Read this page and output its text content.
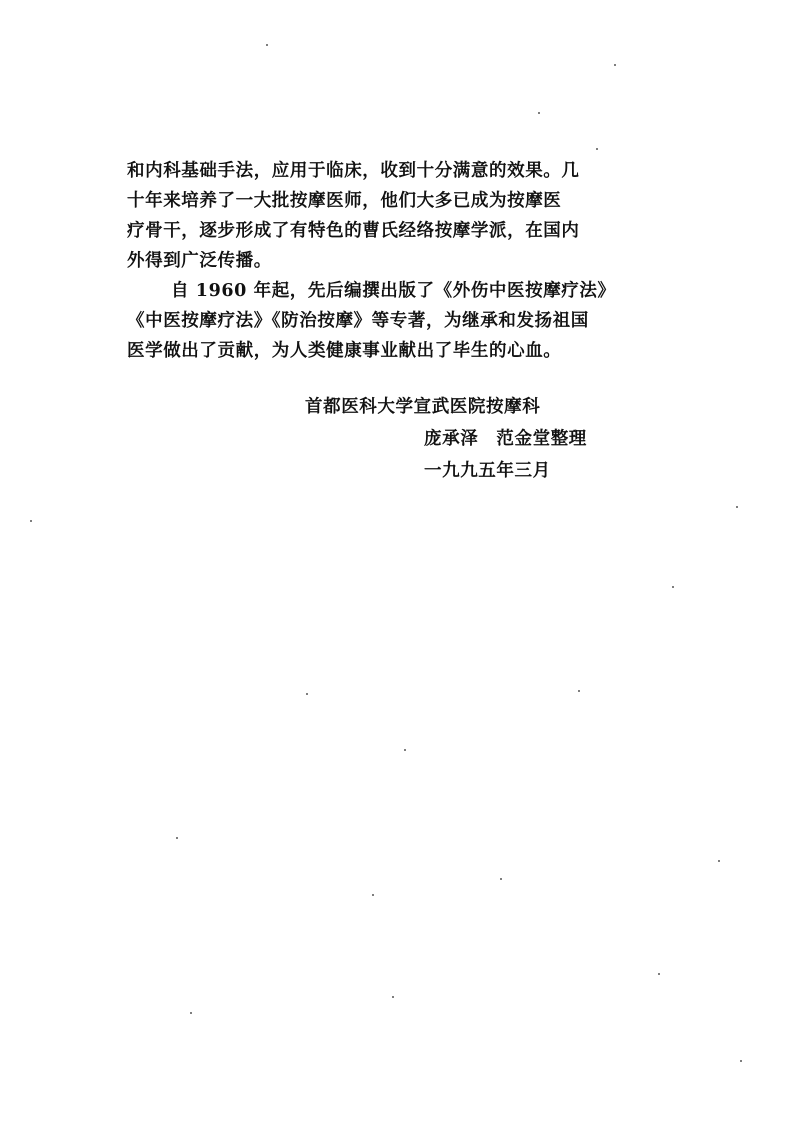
和内科基础手法，应用于临床，收到十分满意的效果。几
十年来培养了一大批按摩医师，他们大多已成为按摩医
疗骨干，逐步形成了有特色的曹氏经络按摩学派，在国内
外得到广泛传播。
自 1960 年起，先后编撰出版了《外伤中医按摩疗法》
《中医按摩疗法》《防治按摩》等专著，为继承和发扬祖国
医学做出了贡献，为人类健康事业献出了毕生的心血。
首都医科大学宣武医院按摩科
庞承泽　范金堂整理
一九九五年三月
